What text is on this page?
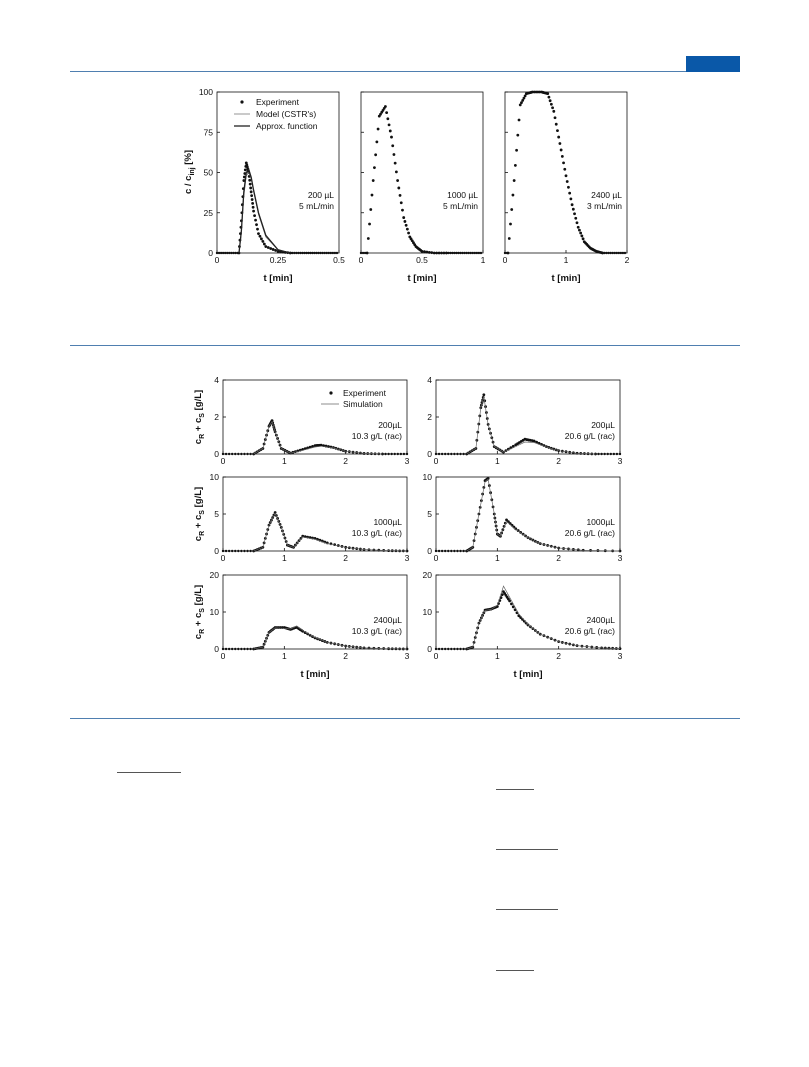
c / $c_{inj}$ [%]
$c_R + c_S$ [g/L]
$c_R + c_S$ [g/L]
$c_R + c_S$ [g/L]
0	0.25	0.5
0
25
50
75
100
t [min]
200 µL
5 mL/min
0	0.5	1
t [min]
1000 µL
5 mL/min
0	1	2
t [min]
2400 µL
3 mL/min
0	1	2	3
0
2
4
200µL
10.3 g/L (rac)
0	1	2	3
0
2
4
200µL
20.6 g/L (rac)
0	1	2	3
0
5
10
1000µL
10.3 g/L (rac)
0	1	2	3
0
5
10
1000µL
20.6 g/L (rac)
0	1	2	3
0
10
20
t [min]
2400µL
10.3 g/L (rac)
0	1	2	3
0
10
20
t [min]
2400µL
20.6 g/L (rac)
Experiment
Model (CSTR's)
Approx. function
Experiment
Simulation
